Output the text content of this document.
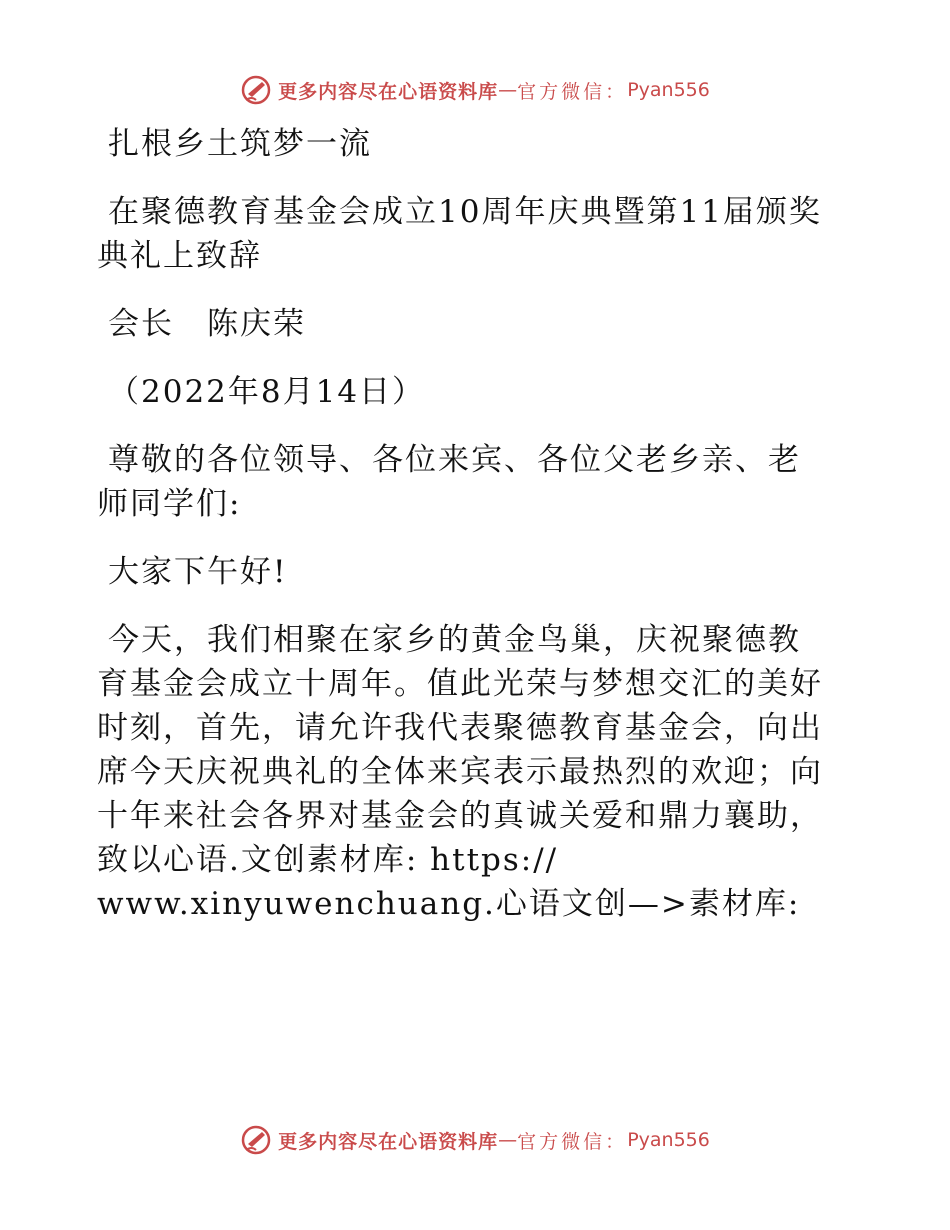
更多内容尽在心语资料库 — 官方微信： Pyan556

扎根乡土筑梦一流

在聚德教育基金会成立10周年庆典暨第11届颁奖

典礼上致辞

会长　陈庆荣

（2022年8月14日）

尊敬的各位领导、各位来宾、各位父老乡亲、老

师同学们:

大家下午好!

今天，我们相聚在家乡的黄金鸟巢，庆祝聚德教

育基金会成立十周年。值此光荣与梦想交汇的美好

时刻，首先，请允许我代表聚德教育基金会，向出

席今天庆祝典礼的全体来宾表示最热烈的欢迎；向

十年来社会各界对基金会的真诚关爱和鼎力襄助，

致以心语.文创素材库: https://

www.xinyuwenchuang.心语文创—>素材库:

更多内容尽在心语资料库 — 官方微信： Pyan556
